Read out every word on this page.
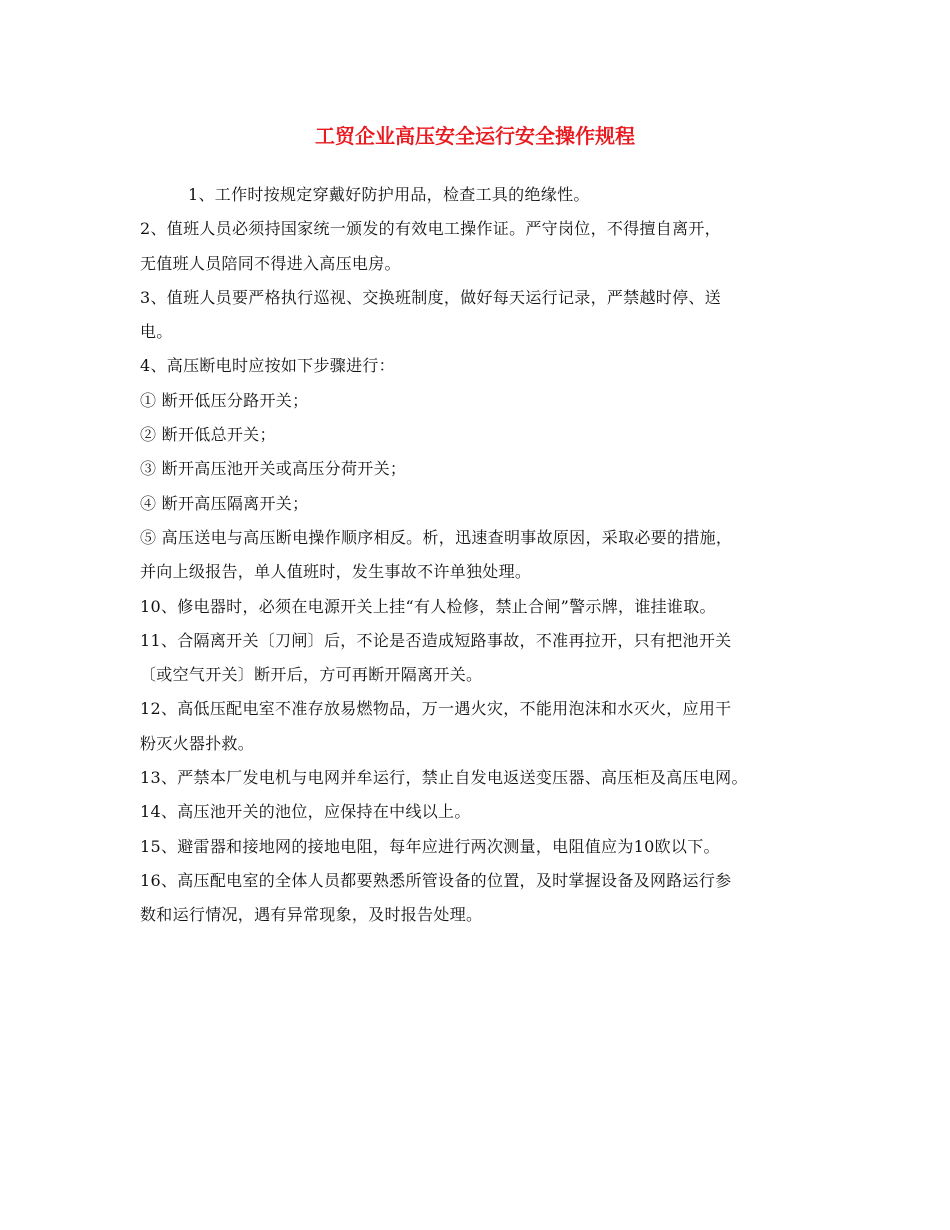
工贸企业高压安全运行安全操作规程
1、工作时按规定穿戴好防护用品，检查工具的绝缘性。
2、值班人员必须持国家统一颁发的有效电工操作证。严守岗位，不得擅自离开，
无值班人员陪同不得进入高压电房。
3、值班人员要严格执行巡视、交换班制度，做好每天运行记录，严禁越时停、送
电。
4、高压断电时应按如下步骤进行：
① 断开低压分路开关；
② 断开低总开关；
③ 断开高压池开关或高压分荷开关；
④ 断开高压隔离开关；
⑤ 高压送电与高压断电操作顺序相反。析，迅速查明事故原因，采取必要的措施，
并向上级报告，单人值班时，发生事故不许单独处理。
10、修电器时，必须在电源开关上挂“有人检修，禁止合闸”警示牌，谁挂谁取。
11、合隔离开关〔刀闸〕后，不论是否造成短路事故，不准再拉开，只有把池开关
〔或空气开关〕断开后，方可再断开隔离开关。
12、高低压配电室不准存放易燃物品，万一遇火灾，不能用泡沫和水灭火，应用干
粉灭火器扑救。
13、严禁本厂发电机与电网并牟运行，禁止自发电返送变压器、高压柜及高压电网。
14、高压池开关的池位，应保持在中线以上。
15、避雷器和接地网的接地电阻，每年应进行两次测量，电阻值应为10欧以下。
16、高压配电室的全体人员都要熟悉所管设备的位置，及时掌握设备及网路运行参
数和运行情况，遇有异常现象，及时报告处理。
